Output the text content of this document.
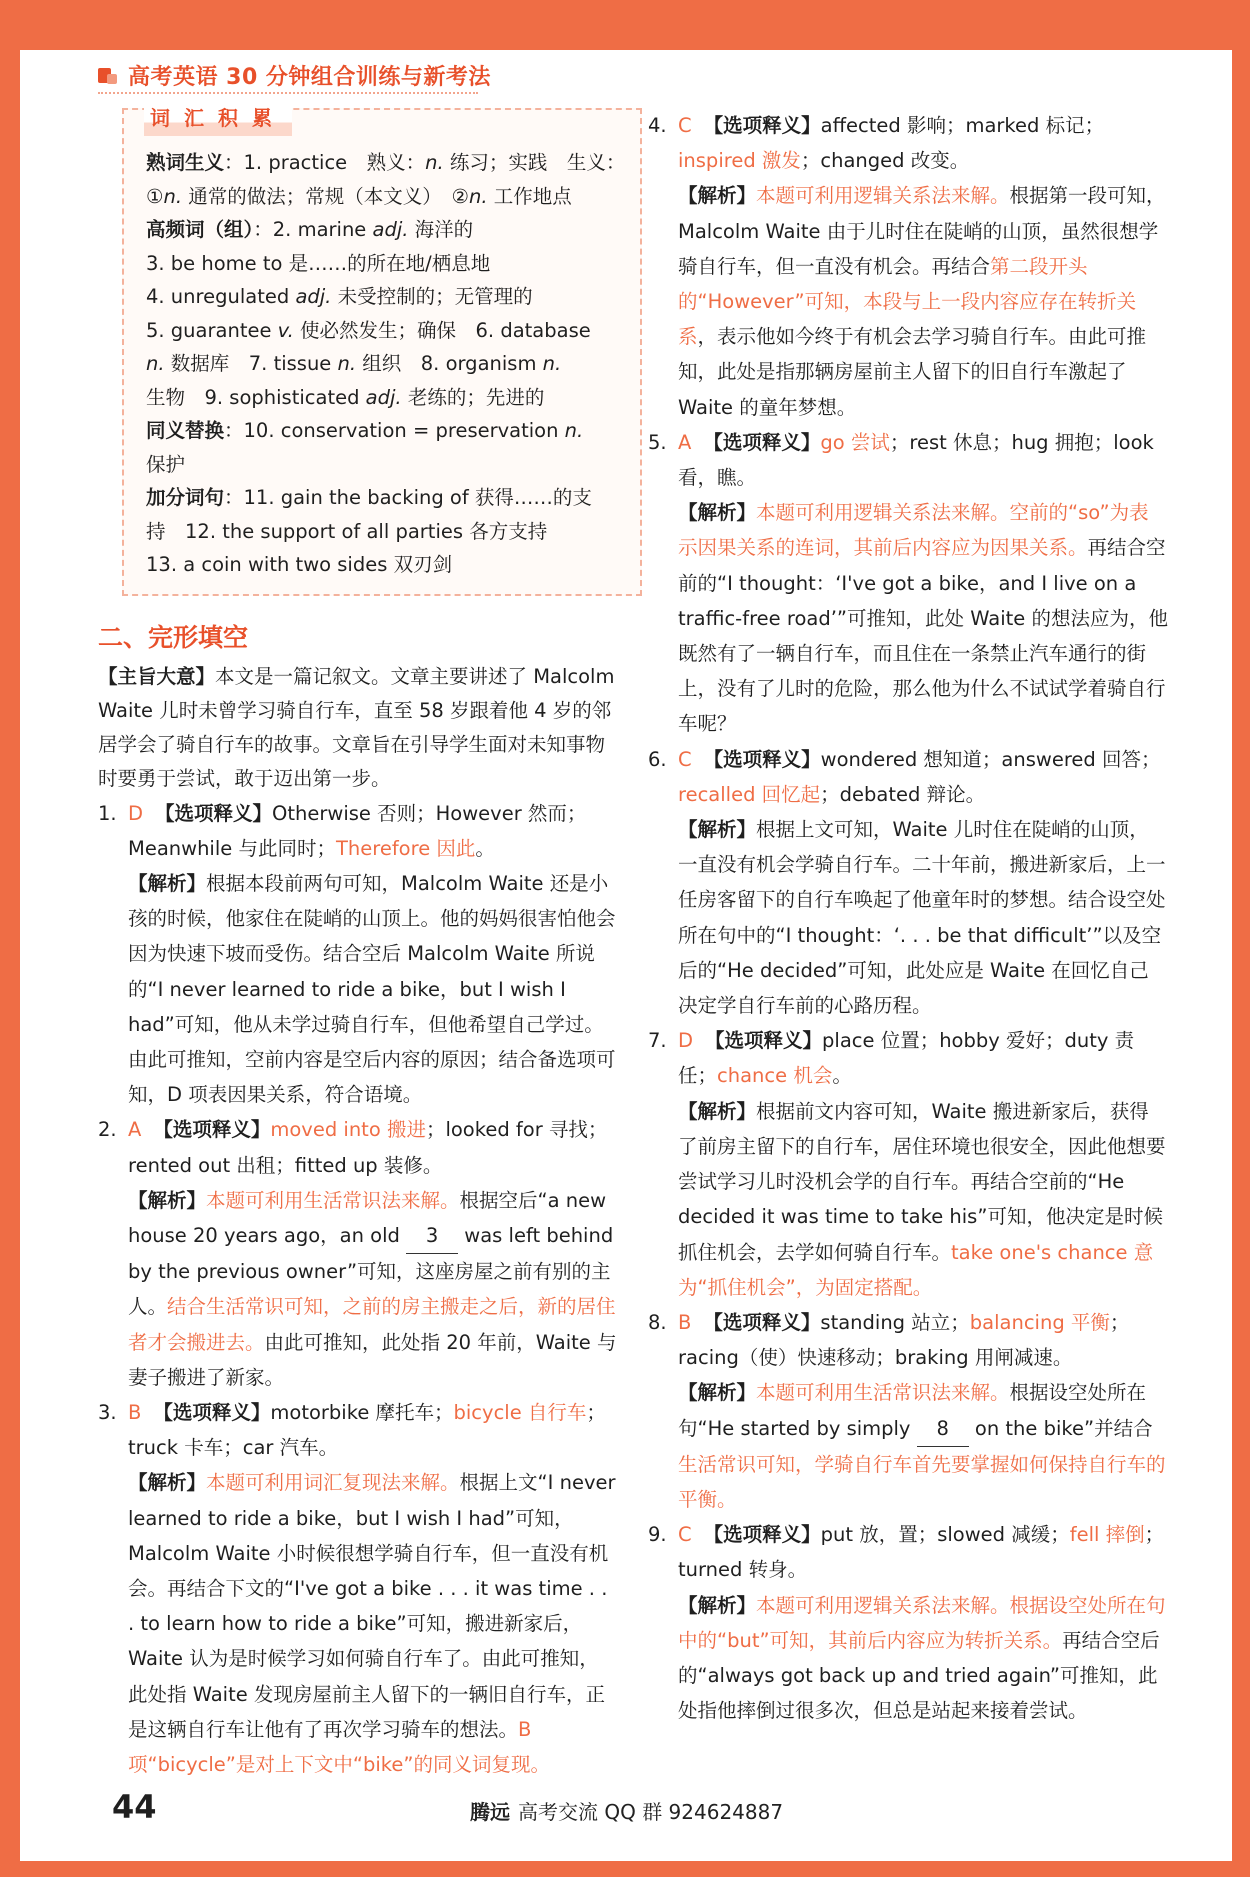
高考英语 30 分钟组合训练与新考法
词汇积累
熟词生义：1. practice　熟义：n. 练习；实践　生义：
①n. 通常的做法；常规（本文义）　②n. 工作地点
高频词（组）：2. marine adj. 海洋的
3. be home to 是……的所在地/栖息地
4. unregulated adj. 未受控制的；无管理的
5. guarantee v. 使必然发生；确保　6. database
n. 数据库　7. tissue n. 组织　8. organism n.
生物　9. sophisticated adj. 老练的；先进的
同义替换：10. conservation = preservation n.
保护
加分词句：11. gain the backing of 获得……的支
持　12. the support of all parties 各方支持
13. a coin with two sides 双刃剑
二、完形填空
【主旨大意】本文是一篇记叙文。文章主要讲述了 Malcolm Waite 儿时未曾学习骑自行车，直至 58 岁跟着他 4 岁的邻居学会了骑自行车的故事。文章旨在引导学生面对未知事物时要勇于尝试，敢于迈出第一步。
1. D 【选项释义】Otherwise 否则；However 然而；Meanwhile 与此同时；Therefore 因此。

【解析】根据本段前两句可知，Malcolm Waite 还是小孩的时候，他家住在陡峭的山顶上。他的妈妈很害怕他会因为快速下坡而受伤。结合空后 Malcolm Waite 所说的“I never learned to ride a bike，but I wish I had”可知，他从未学过骑自行车，但他希望自己学过。由此可推知，空前内容是空后内容的原因；结合备选项可知，D 项表因果关系，符合语境。

2. A 【选项释义】moved into 搬进；looked for 寻找；rented out 出租；fitted up 装修。

【解析】本题可利用生活常识法来解。根据空后“a new house 20 years ago，an old 3 was left behind by the previous owner”可知，这座房屋之前有别的主人。结合生活常识可知，之前的房主搬走之后，新的居住者才会搬进去。由此可推知，此处指 20 年前，Waite 与妻子搬进了新家。

3. B 【选项释义】motorbike 摩托车；bicycle 自行车；truck 卡车；car 汽车。

【解析】本题可利用词汇复现法来解。根据上文“I never learned to ride a bike，but I wish I had”可知，Malcolm Waite 小时候很想学骑自行车，但一直没有机会。再结合下文的“I've got a bike . . . it was time . . . to learn how to ride a bike”可知，搬进新家后，Waite 认为是时候学习如何骑自行车了。由此可推知，此处指 Waite 发现房屋前主人留下的一辆旧自行车，正是这辆自行车让他有了再次学习骑车的想法。B 项“bicycle”是对上下文中“bike”的同义词复现。

4. C 【选项释义】affected 影响；marked 标记；inspired 激发；changed 改变。

【解析】本题可利用逻辑关系法来解。根据第一段可知，Malcolm Waite 由于儿时住在陡峭的山顶，虽然很想学骑自行车，但一直没有机会。再结合第二段开头的“However”可知，本段与上一段内容应存在转折关系，表示他如今终于有机会去学习骑自行车。由此可推知，此处是指那辆房屋前主人留下的旧自行车激起了 Waite 的童年梦想。

5. A 【选项释义】go 尝试；rest 休息；hug 拥抱；look 看，瞧。

【解析】本题可利用逻辑关系法来解。空前的“so”为表示因果关系的连词，其前后内容应为因果关系。再结合空前的“I thought：‘I've got a bike，and I live on a traffic-free road’”可推知，此处 Waite 的想法应为，他既然有了一辆自行车，而且住在一条禁止汽车通行的街上，没有了儿时的危险，那么他为什么不试试学着骑自行车呢？

6. C 【选项释义】wondered 想知道；answered 回答；recalled 回忆起；debated 辩论。

【解析】根据上文可知，Waite 儿时住在陡峭的山顶，一直没有机会学骑自行车。二十年前，搬进新家后，上一任房客留下的自行车唤起了他童年时的梦想。结合设空处所在句中的“I thought：‘. . . be that difficult’”以及空后的“He decided”可知，此处应是 Waite 在回忆自己决定学自行车前的心路历程。

7. D 【选项释义】place 位置；hobby 爱好；duty 责任；chance 机会。

【解析】根据前文内容可知，Waite 搬进新家后，获得了前房主留下的自行车，居住环境也很安全，因此他想要尝试学习儿时没机会学的自行车。再结合空前的“He decided it was time to take his”可知，他决定是时候抓住机会，去学如何骑自行车。take one's chance 意为“抓住机会”，为固定搭配。

8. B 【选项释义】standing 站立；balancing 平衡；racing（使）快速移动；braking 用闸减速。

【解析】本题可利用生活常识法来解。根据设空处所在句“He started by simply 8 on the bike”并结合生活常识可知，学骑自行车首先要掌握如何保持自行车的平衡。

9. C 【选项释义】put 放，置；slowed 减缓；fell 摔倒；turned 转身。

【解析】本题可利用逻辑关系法来解。根据设空处所在句中的“but”可知，其前后内容应为转折关系。再结合空后的“always got back up and tried again”可推知，此处指他摔倒过很多次，但总是站起来接着尝试。

44	腾远 高考交流 QQ 群 924624887
